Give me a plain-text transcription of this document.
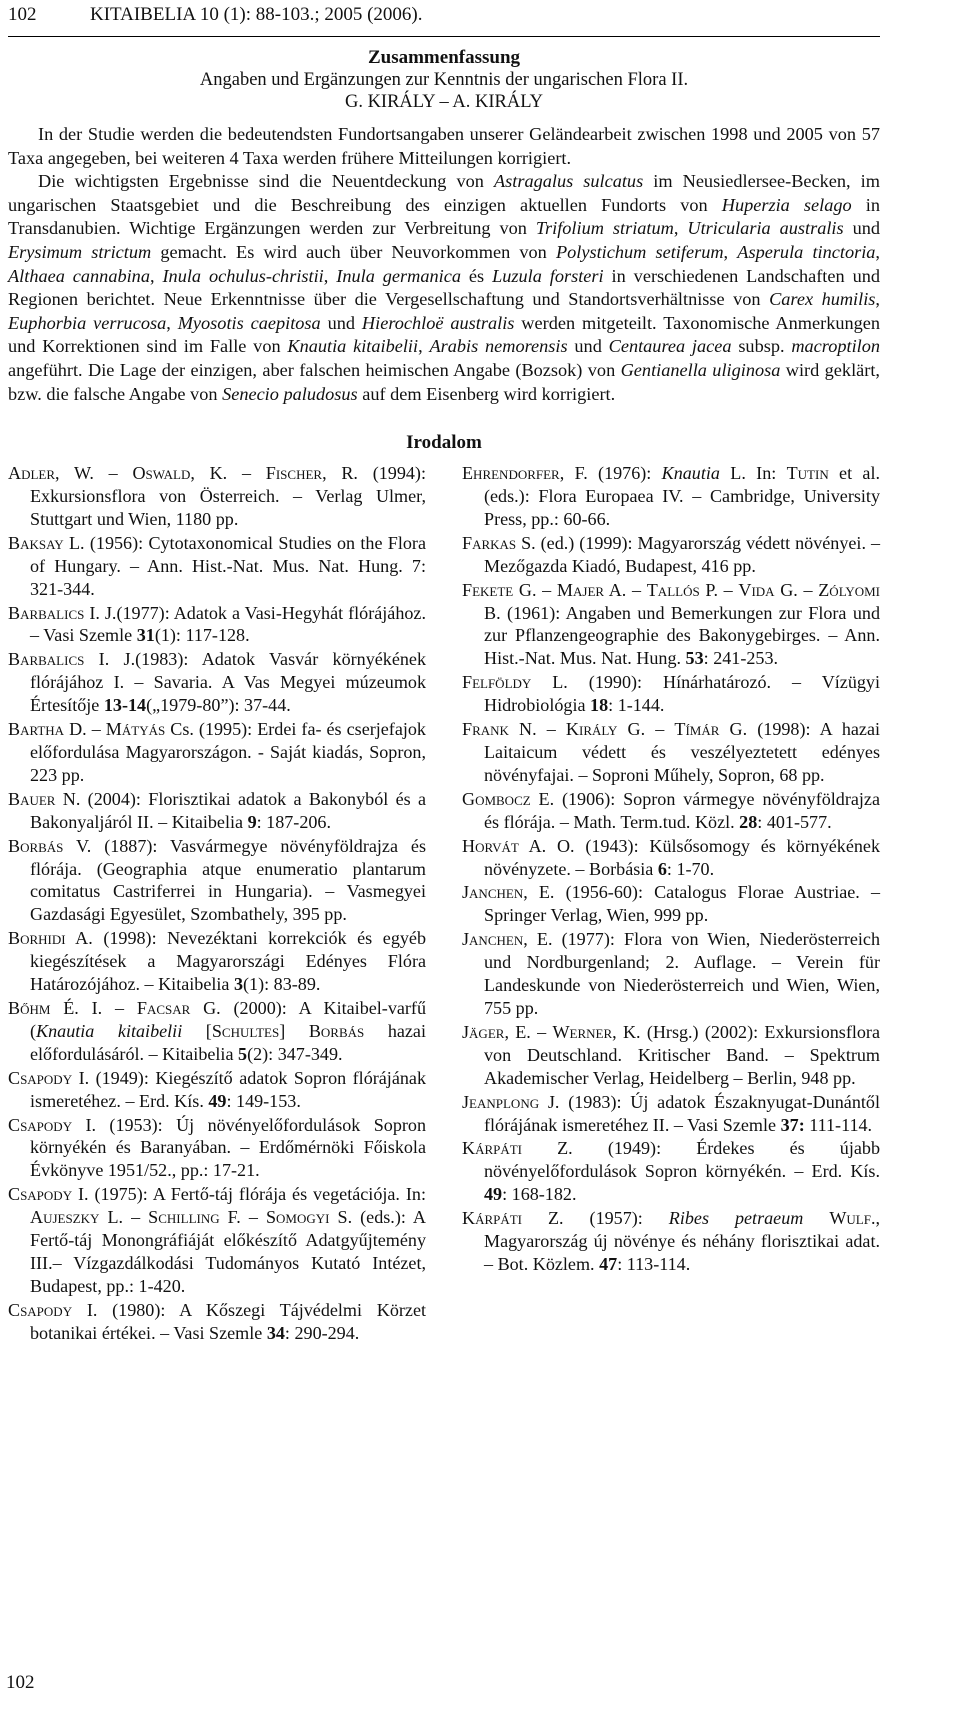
102	KITAIBELIA 10 (1): 88-103.; 2005 (2006).
Zusammenfassung
Angaben und Ergänzungen zur Kenntnis der ungarischen Flora II.
G. KIRÁLY – A. KIRÁLY

In der Studie werden die bedeutendsten Fundortsangaben unserer Geländearbeit zwischen 1998 und 2005 von 57 Taxa angegeben, bei weiteren 4 Taxa werden frühere Mitteilungen korrigiert.

Die wichtigsten Ergebnisse sind die Neuentdeckung von Astragalus sulcatus im Neusiedlersee-Becken, im ungarischen Staatsgebiet und die Beschreibung des einzigen aktuellen Fundorts von Huperzia selago in Transdanubien. Wichtige Ergänzungen werden zur Verbreitung von Trifolium striatum, Utricularia australis und Erysimum strictum gemacht. Es wird auch über Neuvorkommen von Polystichum setiferum, Asperula tinctoria, Althaea cannabina, Inula ochulus-christii, Inula germanica és Luzula forsteri in verschiedenen Landschaften und Regionen berichtet. Neue Erkenntnisse über die Vergesellschaftung und Standortsverhältnisse von Carex humilis, Euphorbia verrucosa, Myosotis caepitosa und Hierochloë australis werden mitgeteilt. Taxonomische Anmerkungen und Korrektionen sind im Falle von Knautia kitaibelii, Arabis nemorensis und Centaurea jacea subsp. macroptilon angeführt. Die Lage der einzigen, aber falschen heimischen Angabe (Bozsok) von Gentianella uliginosa wird geklärt, bzw. die falsche Angabe von Senecio paludosus auf dem Eisenberg wird korrigiert.

Irodalom

Adler, W. – Oswald, K. – Fischer, R. (1994): Exkursionsflora von Österreich. – Verlag Ulmer, Stuttgart und Wien, 1180 pp.

Baksay L. (1956): Cytotaxonomical Studies on the Flora of Hungary. – Ann. Hist.-Nat. Mus. Nat. Hung. 7: 321-344.

Barbalics I. J.(1977): Adatok a Vasi-Hegyhát flórájához. – Vasi Szemle 31(1): 117-128.

Barbalics I. J.(1983): Adatok Vasvár környékének flórájához I. – Savaria. A Vas Megyei múzeumok Értesítője 13-14(„1979-80”): 37-44.

Bartha D. – Mátyás Cs. (1995): Erdei fa- és cserjefajok előfordulása Magyarországon. - Saját kiadás, Sopron, 223 pp.

Bauer N. (2004): Florisztikai adatok a Bakonyból és a Bakonyaljáról II. – Kitaibelia 9: 187-206.

Borbás V. (1887): Vasvármegye növényföldrajza és flórája. (Geographia atque enumeratio plantarum comitatus Castriferrei in Hungaria). – Vasmegyei Gazdasági Egyesület, Szombathely, 395 pp.

Borhidi A. (1998): Nevezéktani korrekciók és egyéb kiegészítések a Magyarországi Edényes Flóra Határozójához. – Kitaibelia 3(1): 83-89.

Bőhm É. I. – Facsar G. (2000): A Kitaibel-varfű (Knautia kitaibelii [Schultes] Borbás hazai előfordulásáról. – Kitaibelia 5(2): 347-349.

Csapody I. (1949): Kiegészítő adatok Sopron flórájának ismeretéhez. – Erd. Kís. 49: 149-153.

Csapody I. (1953): Új növényelőfordulások Sopron környékén és Baranyában. – Erdőmérnöki Főiskola Évkönyve 1951/52., pp.: 17-21.

Csapody I. (1975): A Fertő-táj flórája és vegetációja. In: Aujeszky L. – Schilling F. – Somogyi S. (eds.): A Fertő-táj Monongráfiáját előkészítő Adatgyűjtemény III.– Vízgazdálkodási Tudományos Kutató Intézet, Budapest, pp.: 1-420.

Csapody I. (1980): A Kőszegi Tájvédelmi Körzet botanikai értékei. – Vasi Szemle 34: 290-294.

Ehrendorfer, F. (1976): Knautia L. In: Tutin et al. (eds.): Flora Europaea IV. – Cambridge, University Press, pp.: 60-66.

Farkas S. (ed.) (1999): Magyarország védett növényei. – Mezőgazda Kiadó, Budapest, 416 pp.

Fekete G. – Majer A. – Tallós P. – Vida G. – Zólyomi B. (1961): Angaben und Bemerkungen zur Flora und zur Pflanzengeographie des Bakonygebirges. – Ann. Hist.-Nat. Mus. Nat. Hung. 53: 241-253.

Felföldy L. (1990): Hínárhatározó. – Vízügyi Hidrobiológia 18: 1-144.

Frank N. – Király G. – Tímár G. (1998): A hazai Laitaicum védett és veszélyeztetett edényes növényfajai. – Soproni Műhely, Sopron, 68 pp.

Gombocz E. (1906): Sopron vármegye növényföldrajza és flórája. – Math. Term.tud. Közl. 28: 401-577.

Horvát A. O. (1943): Külsősomogy és környékének növényzete. – Borbásia 6: 1-70.

Janchen, E. (1956-60): Catalogus Florae Austriae. – Springer Verlag, Wien, 999 pp.

Janchen, E. (1977): Flora von Wien, Niederösterreich und Nordburgenland; 2. Auflage. – Verein für Landeskunde von Niederösterreich und Wien, Wien, 755 pp.

Jäger, E. – Werner, K. (Hrsg.) (2002): Exkursionsflora von Deutschland. Kritischer Band. – Spektrum Akademischer Verlag, Heidelberg – Berlin, 948 pp.

Jeanplong J. (1983): Új adatok Északnyugat-Dunántől flórájának ismeretéhez II. – Vasi Szemle 37: 111-114.

Kárpáti Z. (1949): Érdekes és újabb növényelőfordulások Sopron környékén. – Erd. Kís. 49: 168-182.

Kárpáti Z. (1957): Ribes petraeum Wulf., Magyarország új növénye és néhány florisztikai adat. – Bot. Közlem. 47: 113-114.

102
